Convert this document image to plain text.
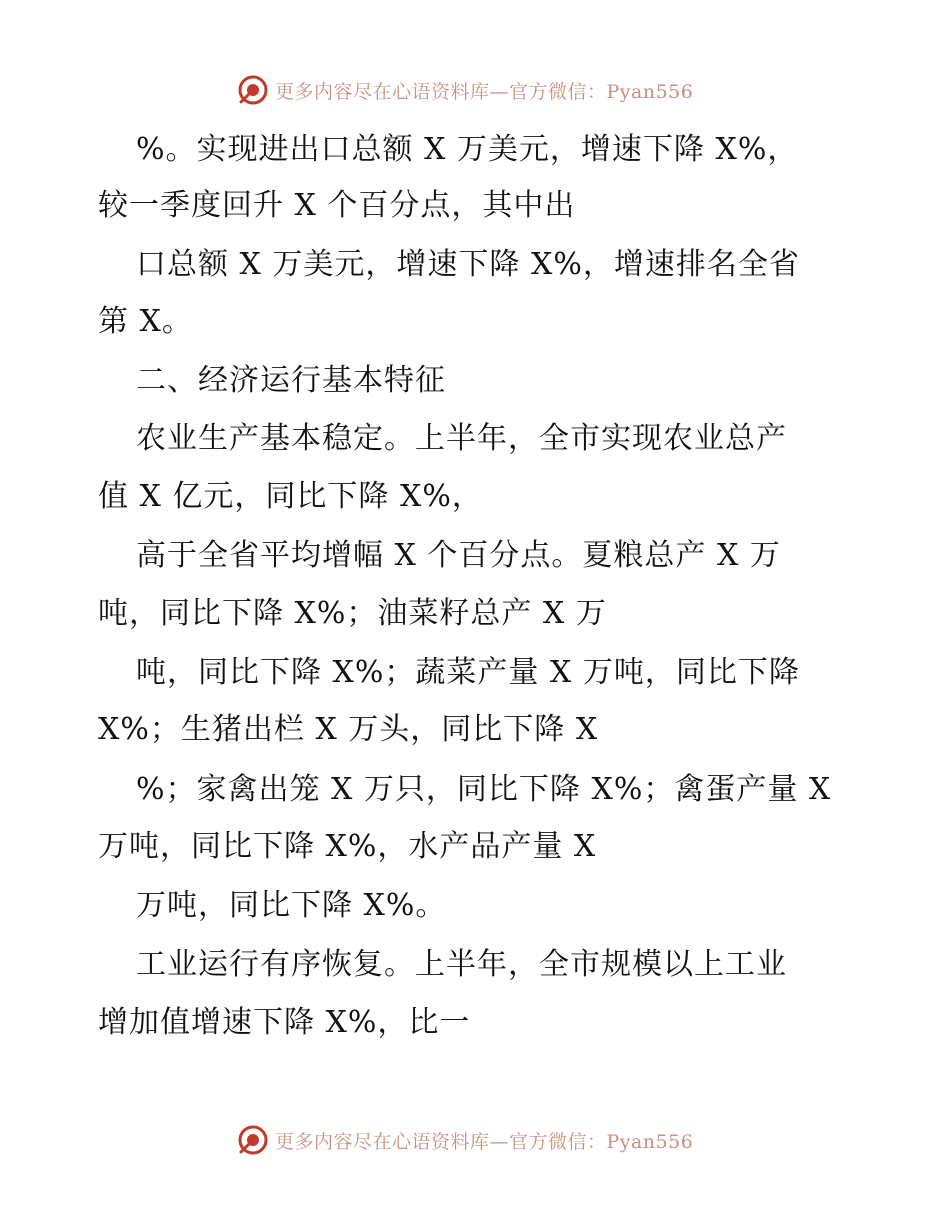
更多内容尽在心语资料库—官方微信：Pyan556
%。实现进出口总额 X 万美元，增速下降 X%，
较一季度回升 X 个百分点，其中出
口总额 X 万美元，增速下降 X%，增速排名全省
第 X。
二、经济运行基本特征
农业生产基本稳定。上半年，全市实现农业总产
值 X 亿元，同比下降 X%，
高于全省平均增幅 X 个百分点。夏粮总产 X 万
吨，同比下降 X%；油菜籽总产 X 万
吨，同比下降 X%；蔬菜产量 X 万吨，同比下降
X%；生猪出栏 X 万头，同比下降 X
%；家禽出笼 X 万只，同比下降 X%；禽蛋产量 X
万吨，同比下降 X%，水产品产量 X
万吨，同比下降 X%。
工业运行有序恢复。上半年，全市规模以上工业
增加值增速下降 X%，比一
更多内容尽在心语资料库—官方微信：Pyan556
